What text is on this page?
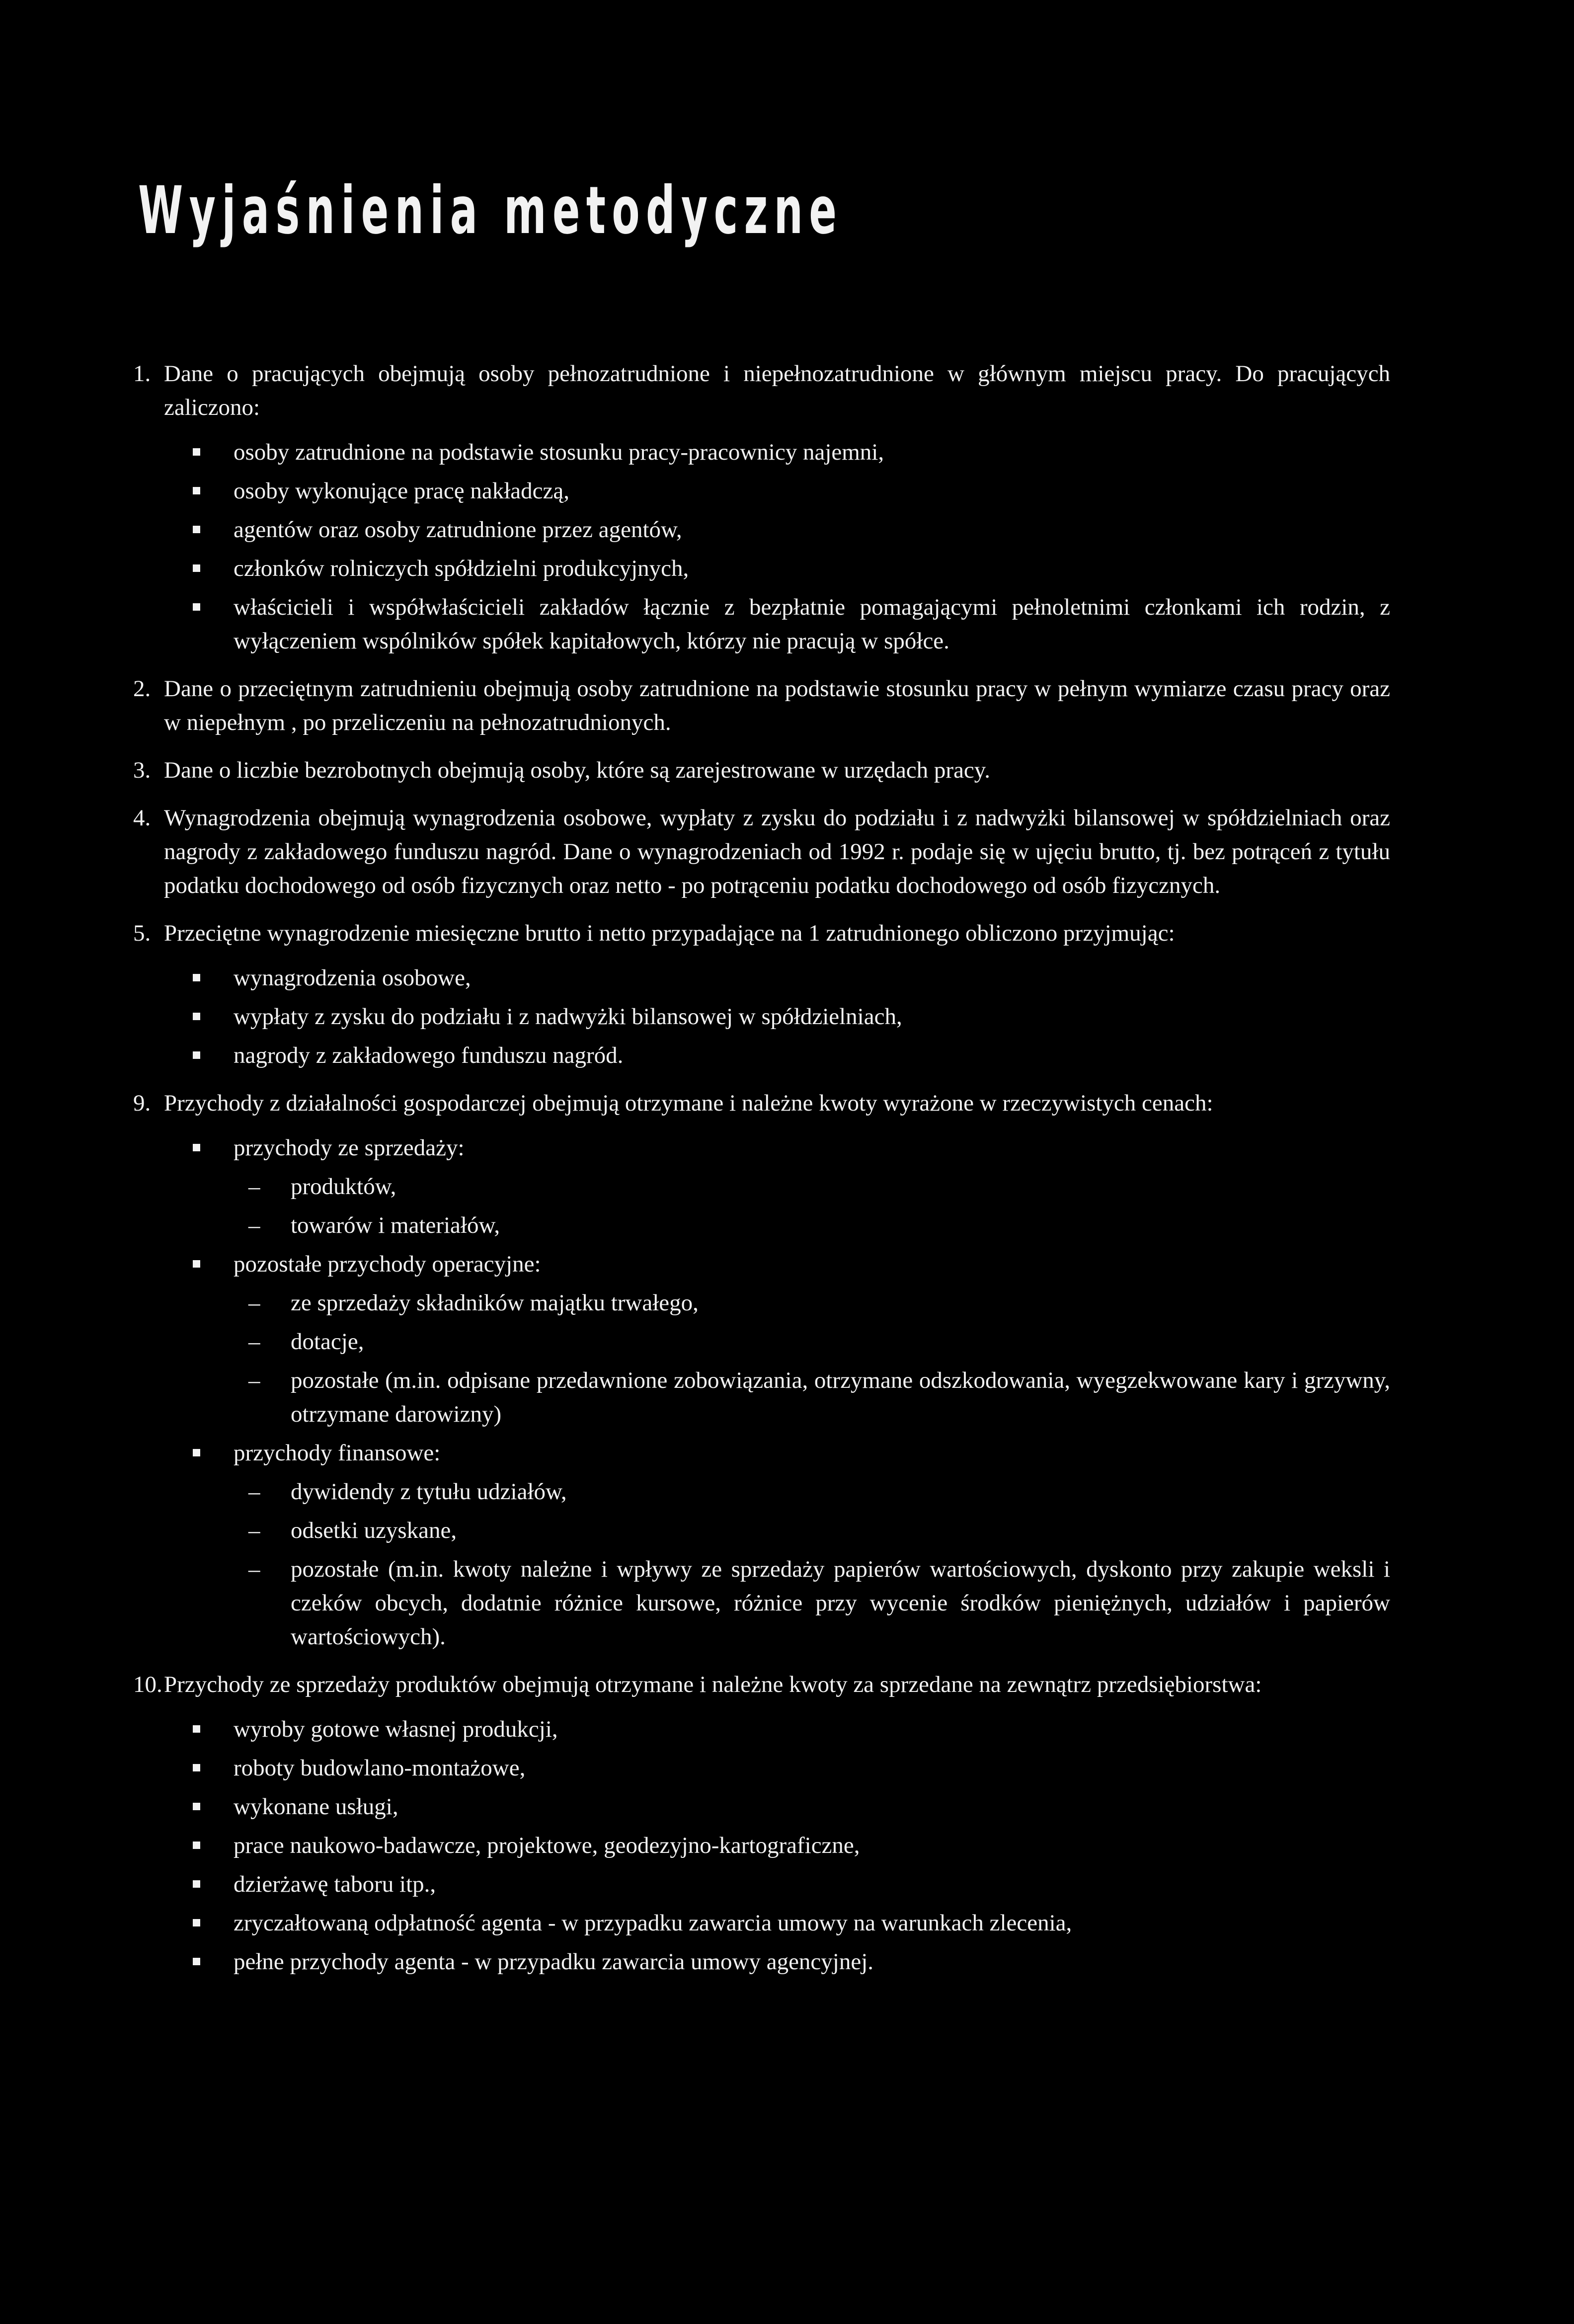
Wyjaśnienia metodyczne
1. Dane o pracujących obejmują osoby pełnozatrudnione i niepełnozatrudnione w głównym miejscu pracy. Do pracujących zaliczono:
osoby zatrudnione na podstawie stosunku pracy-pracownicy najemni,
osoby wykonujące pracę nakładczą,
agentów oraz osoby zatrudnione przez agentów,
członków rolniczych spółdzielni produkcyjnych,
właścicieli i współwłaścicieli zakładów łącznie z bezpłatnie pomagającymi pełnoletnimi członkami ich rodzin, z wyłączeniem wspólników spółek kapitałowych, którzy nie pracują w spółce.
2. Dane o przeciętnym zatrudnieniu obejmują osoby zatrudnione na podstawie stosunku pracy w pełnym wymiarze czasu pracy oraz w niepełnym , po przeliczeniu na pełnozatrudnionych.
3. Dane o liczbie bezrobotnych obejmują osoby, które są zarejestrowane w urzędach pracy.
4. Wynagrodzenia obejmują wynagrodzenia osobowe, wypłaty z zysku do podziału i z nadwyżki bilansowej w spółdzielniach oraz nagrody z zakładowego funduszu nagród. Dane o wynagrodzeniach od 1992 r. podaje się w ujęciu brutto, tj. bez potrąceń z tytułu podatku dochodowego od osób fizycznych oraz netto - po potrąceniu podatku dochodowego od osób fizycznych.
5. Przeciętne wynagrodzenie miesięczne brutto i netto przypadające na 1 zatrudnionego obliczono przyjmując:
wynagrodzenia osobowe,
wypłaty z zysku do podziału i z nadwyżki bilansowej w spółdzielniach,
nagrody z zakładowego funduszu nagród.
9. Przychody z działalności gospodarczej obejmują otrzymane i należne kwoty wyrażone w rzeczywistych cenach:
przychody ze sprzedaży:
– produktów,
– towarów i materiałów,
pozostałe przychody operacyjne:
– ze sprzedaży składników majątku trwałego,
– dotacje,
– pozostałe (m.in. odpisane przedawnione zobowiązania, otrzymane odszkodowania, wyegzekwowane kary i grzywny, otrzymane darowizny)
przychody finansowe:
– dywidendy z tytułu udziałów,
– odsetki uzyskane,
– pozostałe (m.in. kwoty należne i wpływy ze sprzedaży papierów wartościowych, dyskonto przy zakupie weksli i czeków obcych, dodatnie różnice kursowe, różnice przy wycenie środków pieniężnych, udziałów i papierów wartościowych).
10. Przychody ze sprzedaży produktów obejmują otrzymane i należne kwoty za sprzedane na zewnątrz przedsiębiorstwa:
wyroby gotowe własnej produkcji,
roboty budowlano-montażowe,
wykonane usługi,
prace naukowo-badawcze, projektowe, geodezyjno-kartograficzne,
dzierżawę taboru itp.,
zryczałtowaną odpłatność agenta - w przypadku zawarcia umowy na warunkach zlecenia,
pełne przychody agenta - w przypadku zawarcia umowy agencyjnej.
